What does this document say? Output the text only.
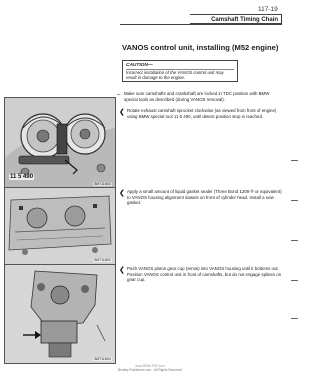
117-19
Camshaft Timing Chain
VANOS control unit, installing (M52 engine)
CAUTION—
Incorrect installation of the VANOS control unit may result in damage to the engine.
– Make sure camshafts and crankshaft are locked in TDC position with BMW special tools as described (during VANOS removal).
❮ Rotate exhaust camshaft sprocket clockwise (as viewed from front of engine) using BMW special tool 11 5 490, until detent position stop is reached.
❮ Apply a small amount of liquid gasket sealer (Three Bond 1209 ® or equivalent) to VANOS housing alignment dowels on front of cylinder head. Install a new gasket.
❮ Push VANOS piston gear cup (arrow) into VANOS housing until it bottoms out. Position VANOS control unit in front of camshafts, but do not engage splines on gear cup.
11 5 490
BMT11M03
BMT11M02
BMT11M04
www.BMW-PDF.com
Bentley Publishers.com - All Rights Reserved
